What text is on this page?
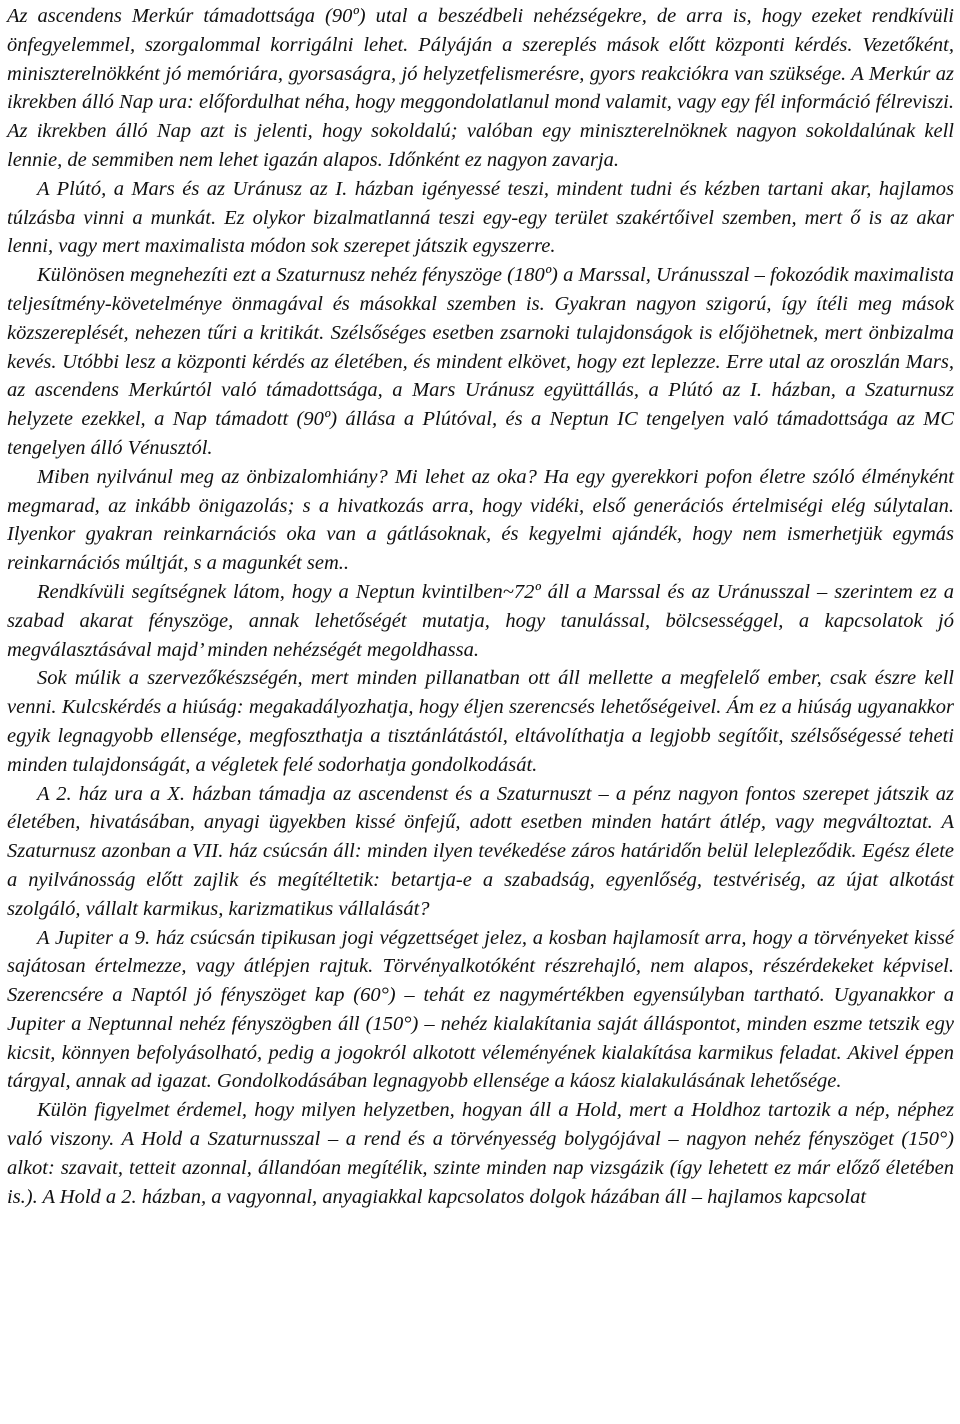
Az ascendens Merkúr támadottsága (90º) utal a beszédbeli nehézségekre, de arra is, hogy ezeket rendkívüli önfegyelemmel, szorgalommal korrigálni lehet. Pályáján a szereplés mások előtt központi kérdés. Vezetőként, miniszterelnökként jó memóriára, gyorsaságra, jó helyzetfelismerésre, gyors reakciókra van szüksége. A Merkúr az ikrekben álló Nap ura: előfordulhat néha, hogy meggondolatlanul mond valamit, vagy egy fél információ félreviszi. Az ikrekben álló Nap azt is jelenti, hogy sokoldalú; valóban egy miniszterelnöknek nagyon sokoldalúnak kell lennie, de semmiben nem lehet igazán alapos. Időnként ez nagyon zavarja.

A Plútó, a Mars és az Uránusz az I. házban igényessé teszi, mindent tudni és kézben tartani akar, hajlamos túlzásba vinni a munkát. Ez olykor bizalmatlanná teszi egy-egy terület szakértőivel szemben, mert ő is az akar lenni, vagy mert maximalista módon sok szerepet játszik egyszerre.

Különösen megnehezíti ezt a Szaturnusz nehéz fényszöge (180º) a Marssal, Uránusszal – fokozódik maximalista teljesítmény-követelménye önmagával és másokkal szemben is. Gyakran nagyon szigorú, így ítéli meg mások közszereplését, nehezen tűri a kritikát. Szélsőséges esetben zsarnoki tulajdonságok is előjöhetnek, mert önbizalma kevés. Utóbbi lesz a központi kérdés az életében, és mindent elkövet, hogy ezt leplezze. Erre utal az oroszlán Mars, az ascendens Merkúrtól való támadottsága, a Mars Uránusz együttállás, a Plútó az I. házban, a Szaturnusz helyzete ezekkel, a Nap támadott (90º) állása a Plútóval, és a Neptun IC tengelyen való támadottsága az MC tengelyen álló Vénusztól.

Miben nyilvánul meg az önbizalomhiány? Mi lehet az oka? Ha egy gyerekkori pofon életre szóló élményként megmarad, az inkább önigazolás; s a hivatkozás arra, hogy vidéki, első generációs értelmiségi elég súlytalan. Ilyenkor gyakran reinkarnációs oka van a gátlásoknak, és kegyelmi ajándék, hogy nem ismerhetjük egymás reinkarnációs múltját, s a magunkét sem..

Rendkívüli segítségnek látom, hogy a Neptun kvintilben~72º áll a Marssal és az Uránusszal – szerintem ez a szabad akarat fényszöge, annak lehetőségét mutatja, hogy tanulással, bölcsességgel, a kapcsolatok jó megválasztásával majd’ minden nehézségét megoldhassa.

Sok múlik a szervezőkészségén, mert minden pillanatban ott áll mellette a megfelelő ember, csak észre kell venni. Kulcskérdés a hiúság: megakadályozhatja, hogy éljen szerencsés lehetőségeivel. Ám ez a hiúság ugyanakkor egyik legnagyobb ellensége, megfoszthatja a tisztánlátástól, eltávolíthatja a legjobb segítőit, szélsőségessé teheti minden tulajdonságát, a végletek felé sodorhatja gondolkodását.

A 2. ház ura a X. házban támadja az ascendenst és a Szaturnuszt – a pénz nagyon fontos szerepet játszik az életében, hivatásában, anyagi ügyekben kissé önfejű, adott esetben minden határt átlép, vagy megváltoztat. A Szaturnusz azonban a VII. ház csúcsán áll: minden ilyen tevékedése záros határidőn belül lelepleződik. Egész élete a nyilvánosság előtt zajlik és megítéltetik: betartja-e a szabadság, egyenlőség, testvériség, az újat alkotást szolgáló, vállalt karmikus, karizmatikus vállalását?

A Jupiter a 9. ház csúcsán tipikusan jogi végzettséget jelez, a kosban hajlamosít arra, hogy a törvényeket kissé sajátosan értelmezze, vagy átlépjen rajtuk. Törvényalkotóként részrehajló, nem alapos, részérdekeket képvisel. Szerencsére a Naptól jó fényszöget kap (60°) – tehát ez nagymértékben egyensúlyban tartható. Ugyanakkor a Jupiter a Neptunnal nehéz fényszögben áll (150°) – nehéz kialakítania saját álláspontot, minden eszme tetszik egy kicsit, könnyen befolyásolható, pedig a jogokról alkotott véleményének kialakítása karmikus feladat. Akivel éppen tárgyal, annak ad igazat. Gondolkodásában legnagyobb ellensége a káosz kialakulásának lehetősége.

Külön figyelmet érdemel, hogy milyen helyzetben, hogyan áll a Hold, mert a Holdhoz tartozik a nép, néphez való viszony. A Hold a Szaturnusszal – a rend és a törvényesség bolygójával – nagyon nehéz fényszöget (150°) alkot: szavait, tetteit azonnal, állandóan megítélik, szinte minden nap vizsgázik (így lehetett ez már előző életében is.). A Hold a 2. házban, a vagyonnal, anyagiakkal kapcsolatos dolgok házában áll – hajlamos kapcsolat
